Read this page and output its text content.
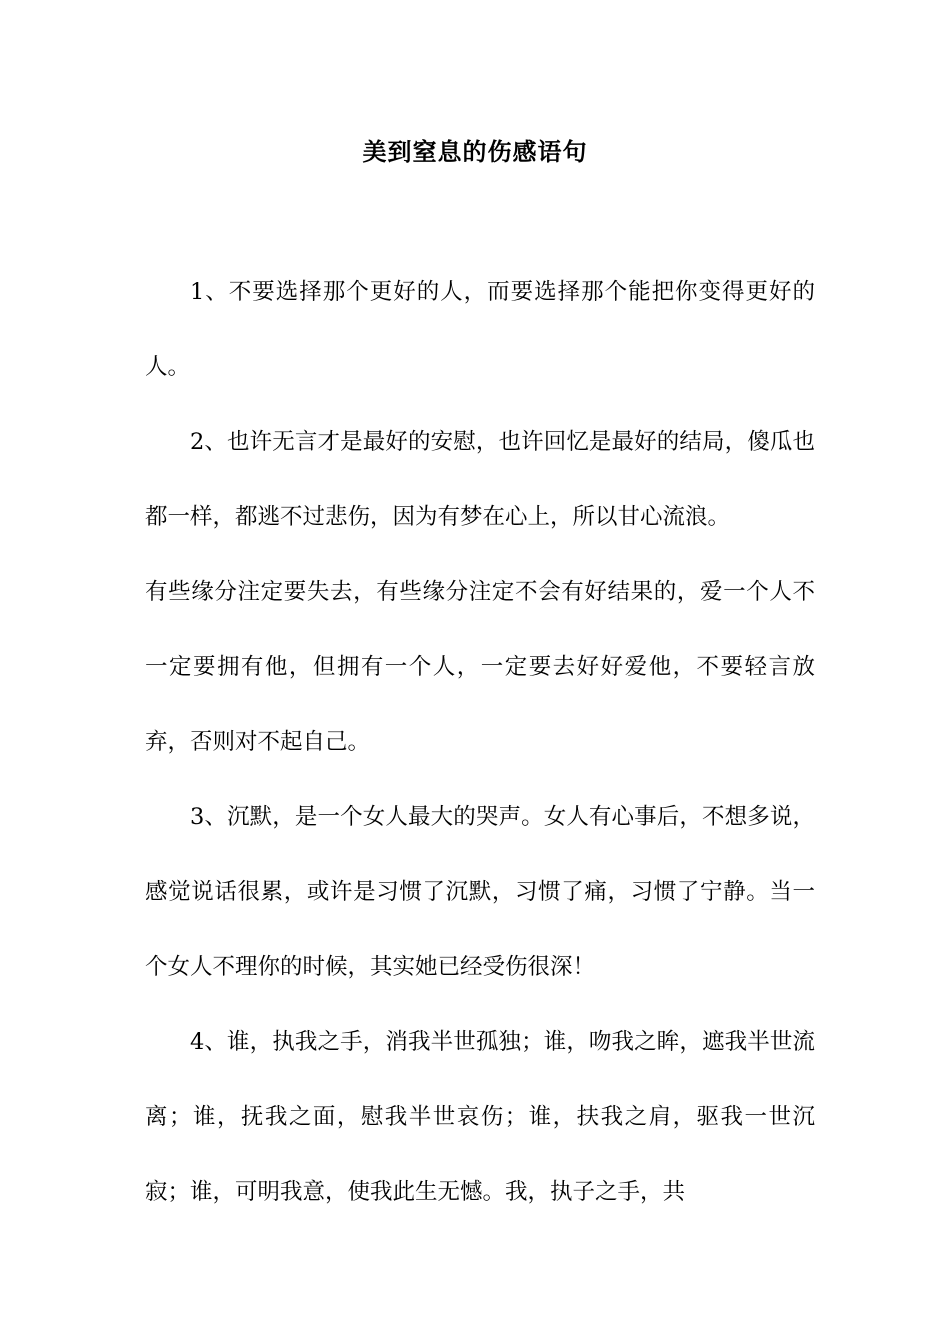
美到窒息的伤感语句

1、不要选择那个更好的人，而要选择那个能把你变得更好的人。

2、也许无言才是最好的安慰，也许回忆是最好的结局，傻瓜也都一样，都逃不过悲伤，因为有梦在心上，所以甘心流浪。

有些缘分注定要失去，有些缘分注定不会有好结果的，爱一个人不一定要拥有他，但拥有一个人，一定要去好好爱他，不要轻言放弃，否则对不起自己。

3、沉默，是一个女人最大的哭声。女人有心事后，不想多说，感觉说话很累，或许是习惯了沉默，习惯了痛，习惯了宁静。当一个女人不理你的时候，其实她已经受伤很深！

4、谁，执我之手，消我半世孤独；谁，吻我之眸，遮我半世流离；谁，抚我之面，慰我半世哀伤；谁，扶我之肩，驱我一世沉寂；谁，可明我意，使我此生无憾。我，执子之手，共
